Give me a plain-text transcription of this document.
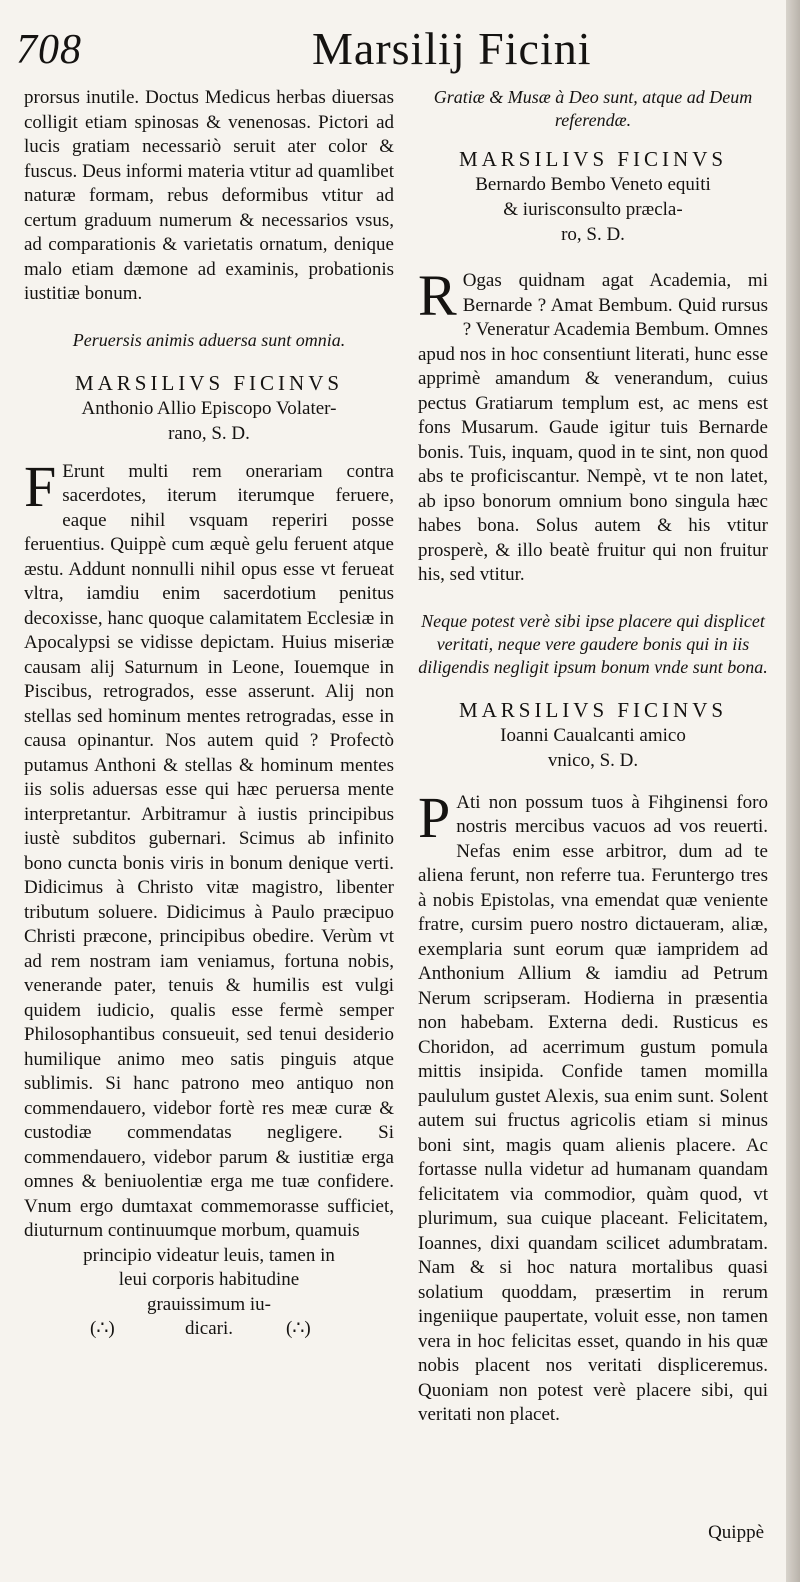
708	Marsilij Ficini
prorsus inutile. Doctus Medicus herbas diuersas colligit etiam spinosas & venenosas. Pictori ad lucis gratiam necessariò seruit ater color & fuscus. Deus informi materia vtitur ad quamlibet naturæ formam, rebus deformibus vtitur ad certum graduum numerum & necessarios vsus, ad comparationis & varietatis ornatum, denique malo etiam dæmone ad examinis, probationis iustitiæ bonum.

Peruersis animis aduersa sunt omnia.

MARSILIVS FICINVS

Anthonio Allio Episcopo Volater-

rano, S. D.

F Erunt multi rem onerariam contra sacerdotes, iterum iterumque feruere, eaque nihil vsquam reperiri posse feruentius. Quippè cum æquè gelu feruent atque æstu. Addunt nonnulli nihil opus esse vt ferueat vltra, iamdiu enim sacerdotium penitus decoxisse, hanc quoque calamitatem Ecclesiæ in Apocalypsi se vidisse depictam. Huius miseriæ causam alij Saturnum in Leone, Iouemque in Piscibus, retrogrados, esse asserunt. Alij non stellas sed hominum mentes retrogradas, esse in causa opinantur. Nos autem quid ? Profectò putamus Anthoni & stellas & hominum mentes iis solis aduersas esse qui hæc peruersa mente interpretantur. Arbitramur à iustis principibus iustè subditos gubernari. Scimus ab infinito bono cuncta bonis viris in bonum denique verti. Didicimus à Christo vitæ magistro, libenter tributum soluere. Didicimus à Paulo præcipuo Christi præcone, principibus obedire. Verùm vt ad rem nostram iam veniamus, fortuna nobis, venerande pater, tenuis & humilis est vulgi quidem iudicio, qualis esse fermè semper Philosophantibus consueuit, sed tenui desiderio humilique animo meo satis pinguis atque sublimis. Si hanc patrono meo antiquo non commendauero, videbor fortè res meæ curæ & custodiæ commendatas negligere. Si commendauero, videbor parum & iustitiæ erga omnes & beniuolentiæ erga me tuæ confidere. Vnum ergo dumtaxat commemorasse sufficiet, diuturnum continuumque morbum, quamuis

principio videatur leuis, tamen in

leui corporis habitudine

grauissimum iu-

(∴)	dicari.	(∴)

Gratiæ & Musæ à Deo sunt, atque ad Deum referendæ.

MARSILIVS FICINVS

Bernardo Bembo Veneto equiti

& iurisconsulto præcla-

ro, S. D.

R Ogas quidnam agat Academia, mi Bernarde ? Amat Bembum. Quid rursus ? Veneratur Academia Bembum. Omnes apud nos in hoc consentiunt literati, hunc esse apprimè amandum & venerandum, cuius pectus Gratiarum templum est, ac mens est fons Musarum. Gaude igitur tuis Bernarde bonis. Tuis, inquam, quod in te sint, non quod abs te proficiscantur. Nempè, vt te non latet, ab ipso bonorum omnium bono singula hæc habes bona. Solus autem & his vtitur prosperè, & illo beatè fruitur qui non fruitur his, sed vtitur.

Neque potest verè sibi ipse placere qui displicet veritati, neque vere gaudere bonis qui in iis diligendis negligit ipsum bonum vnde sunt bona.

MARSILIVS FICINVS

Ioanni Caualcanti amico

vnico, S. D.

P Ati non possum tuos à Fihginensi foro nostris mercibus vacuos ad vos reuerti. Nefas enim esse arbitror, dum ad te aliena ferunt, non referre tua. Feruntergo tres à nobis Epistolas, vna emendat quæ veniente fratre, cursim puero nostro dictaueram, aliæ, exemplaria sunt eorum quæ iampridem ad Anthonium Allium & iamdiu ad Petrum Nerum scripseram. Hodierna in præsentia non habebam. Externa dedi. Rusticus es Choridon, ad acerrimum gustum pomula mittis insipida. Confide tamen momilla paululum gustet Alexis, sua enim sunt. Solent autem sui fructus agricolis etiam si minus boni sint, magis quam alienis placere. Ac fortasse nulla videtur ad humanam quandam felicitatem via commodior, quàm quod, vt plurimum, sua cuique placeant. Felicitatem, Ioannes, dixi quandam scilicet adumbratam. Nam & si hoc natura mortalibus quasi solatium quoddam, præsertim in rerum ingeniique paupertate, voluit esse, non tamen vera in hoc felicitas esset, quando in his quæ nobis placent nos veritati displiceremus. Quoniam non potest verè placere sibi, qui veritati non placet.
Quippè
